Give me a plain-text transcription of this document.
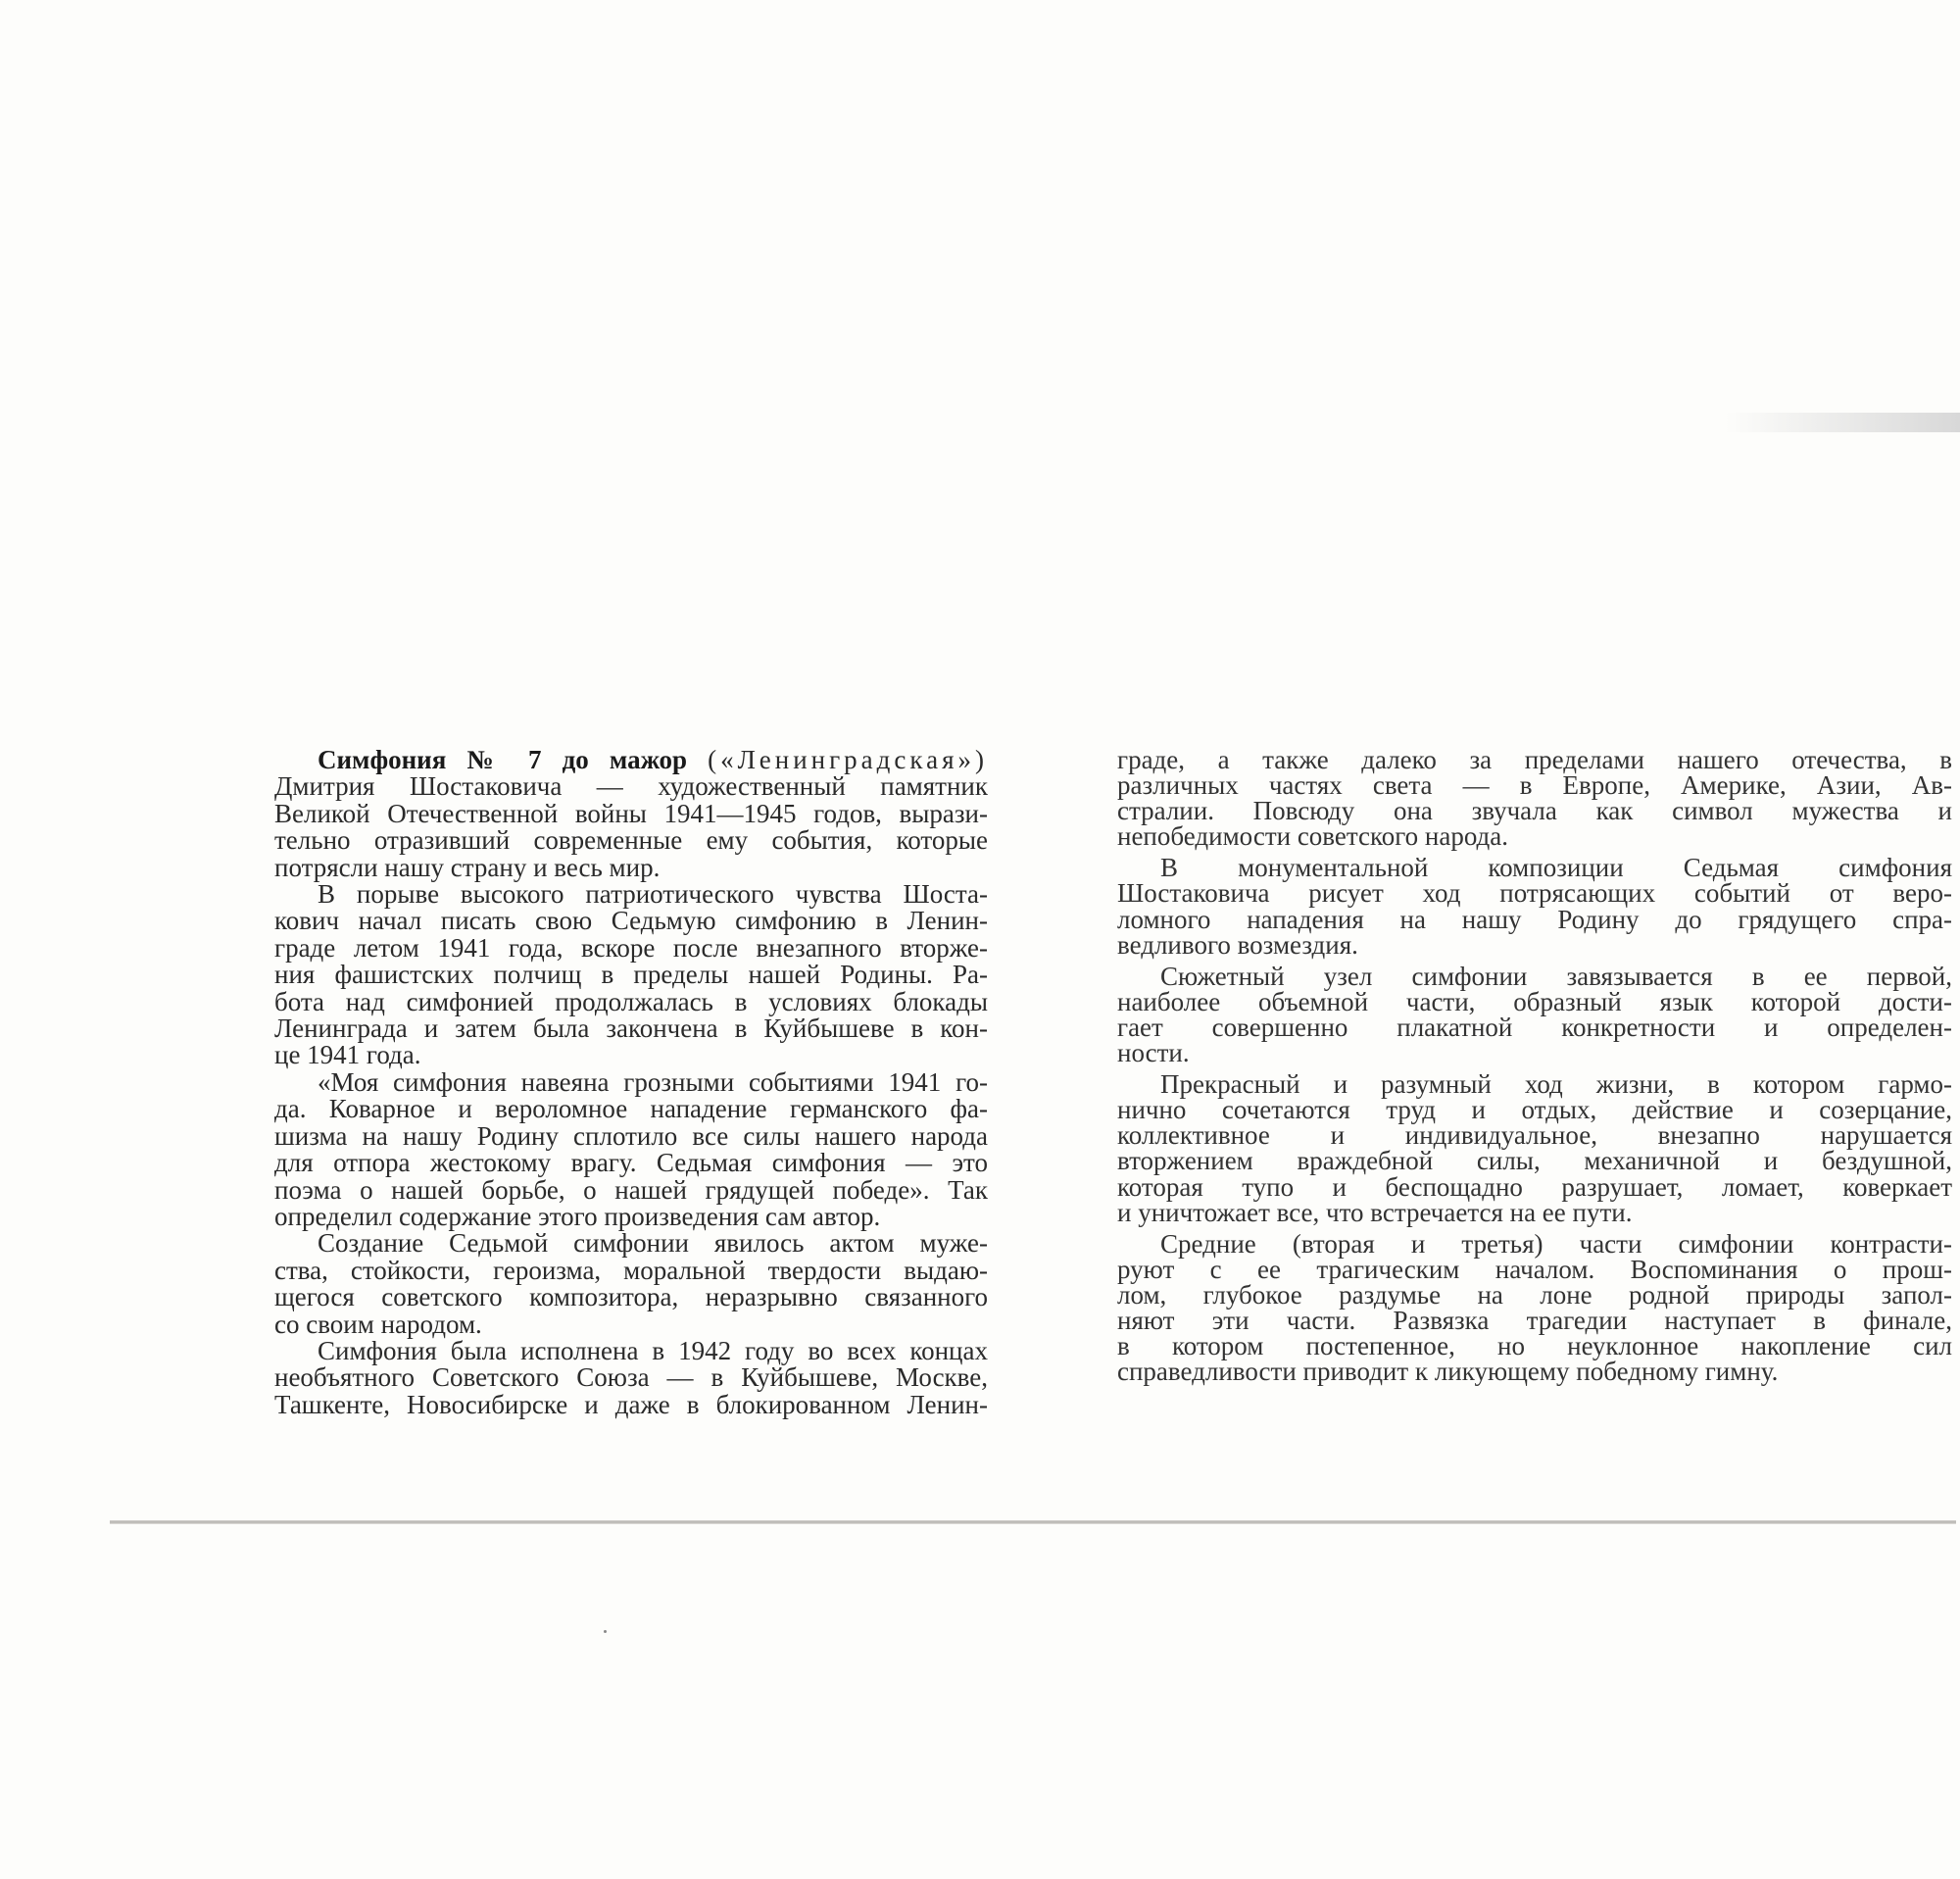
Симфония № 7 до мажор («Ленинградская»)
Дмитрия Шостаковича — художественный памятник
Великой Отечественной войны 1941—1945 годов, вырази-
тельно отразивший современные ему события, которые
потрясли нашу страну и весь мир.
В порыве высокого патриотического чувства Шоста-
кович начал писать свою Седьмую симфонию в Ленин-
граде летом 1941 года, вскоре после внезапного вторже-
ния фашистских полчищ в пределы нашей Родины. Ра-
бота над симфонией продолжалась в условиях блокады
Ленинграда и затем была закончена в Куйбышеве в кон-
це 1941 года.
«Моя симфония навеяна грозными событиями 1941 го-
да. Коварное и вероломное нападение германского фа-
шизма на нашу Родину сплотило все силы нашего народа
для отпора жестокому врагу. Седьмая симфония — это
поэма о нашей борьбе, о нашей грядущей победе». Так
определил содержание этого произведения сам автор.
Создание Седьмой симфонии явилось актом муже-
ства, стойкости, героизма, моральной твердости выдаю-
щегося советского композитора, неразрывно связанного
со своим народом.
Симфония была исполнена в 1942 году во всех концах
необъятного Советского Союза — в Куйбышеве, Москве,
Ташкенте, Новосибирске и даже в блокированном Ленин-
граде, а также далеко за пределами нашего отечества, в
различных частях света — в Европе, Америке, Азии, Ав-
стралии. Повсюду она звучала как символ мужества и
непобедимости советского народа.
В монументальной композиции Седьмая симфония
Шостаковича рисует ход потрясающих событий от веро-
ломного нападения на нашу Родину до грядущего спра-
ведливого возмездия.
Сюжетный узел симфонии завязывается в ее первой,
наиболее объемной части, образный язык которой дости-
гает совершенно плакатной конкретности и определен-
ности.
Прекрасный и разумный ход жизни, в котором гармо-
нично сочетаются труд и отдых, действие и созерцание,
коллективное и индивидуальное, внезапно нарушается
вторжением враждебной силы, механичной и бездушной,
которая тупо и беспощадно разрушает, ломает, коверкает
и уничтожает все, что встречается на ее пути.
Средние (вторая и третья) части симфонии контрасти-
руют с ее трагическим началом. Воспоминания о прош-
лом, глубокое раздумье на лоне родной природы запол-
няют эти части. Развязка трагедии наступает в финале,
в котором постепенное, но неуклонное накопление сил
справедливости приводит к ликующему победному гимну.
